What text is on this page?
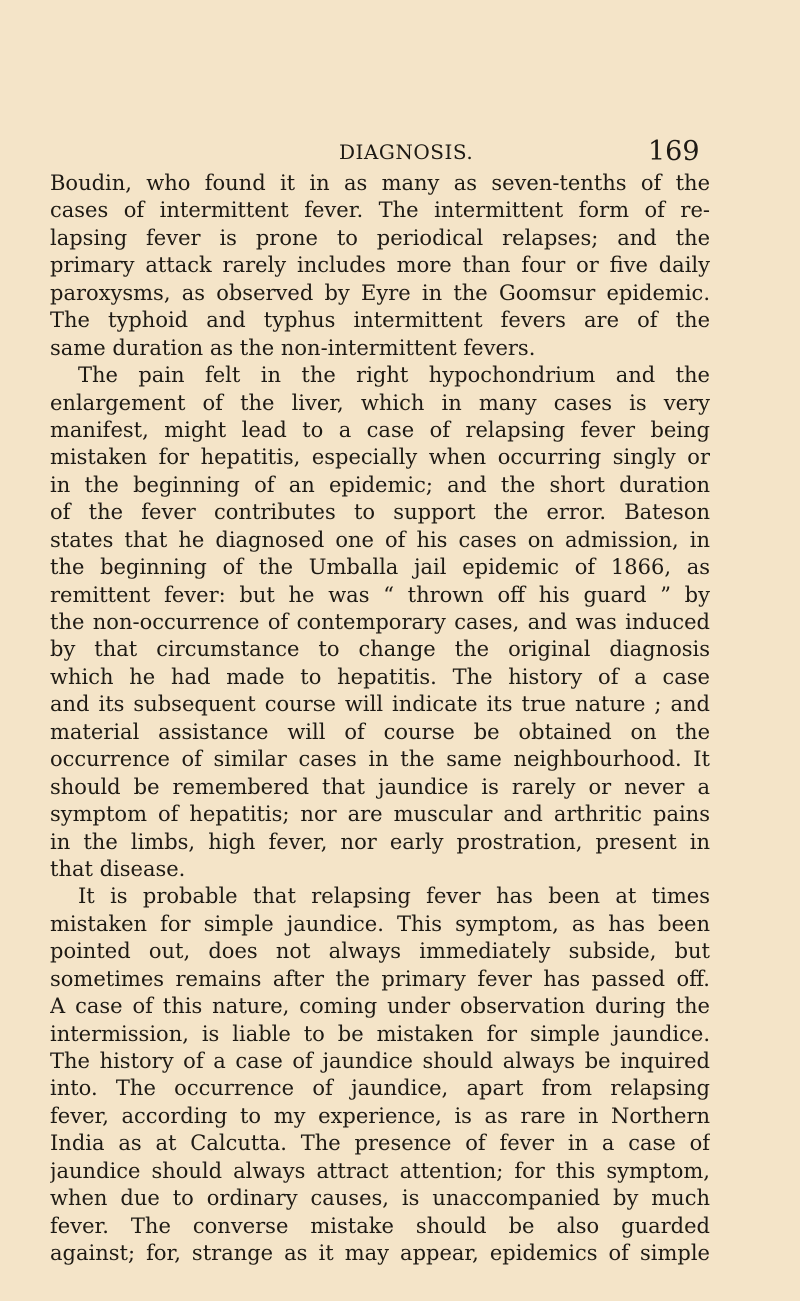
DIAGNOSIS.	169
Boudin, who found it in as many as seven-tenths of the
cases of intermittent fever. The intermittent form of re-
lapsing fever is prone to periodical relapses; and the
primary attack rarely includes more than four or five daily
paroxysms, as observed by Eyre in the Goomsur epidemic.
The typhoid and typhus intermittent fevers are of the
same duration as the non-intermittent fevers.
The pain felt in the right hypochondrium and the
enlargement of the liver, which in many cases is very
manifest, might lead to a case of relapsing fever being
mistaken for hepatitis, especially when occurring singly or
in the beginning of an epidemic; and the short duration
of the fever contributes to support the error. Bateson
states that he diagnosed one of his cases on admission, in
the beginning of the Umballa jail epidemic of 1866, as
remittent fever: but he was “ thrown off his guard ” by
the non-occurrence of contemporary cases, and was induced
by that circumstance to change the original diagnosis
which he had made to hepatitis. The history of a case
and its subsequent course will indicate its true nature ; and
material assistance will of course be obtained on the
occurrence of similar cases in the same neighbourhood. It
should be remembered that jaundice is rarely or never a
symptom of hepatitis; nor are muscular and arthritic pains
in the limbs, high fever, nor early prostration, present in
that disease.
It is probable that relapsing fever has been at times
mistaken for simple jaundice. This symptom, as has been
pointed out, does not always immediately subside, but
sometimes remains after the primary fever has passed off.
A case of this nature, coming under observation during the
intermission, is liable to be mistaken for simple jaundice.
The history of a case of jaundice should always be inquired
into. The occurrence of jaundice, apart from relapsing
fever, according to my experience, is as rare in Northern
India as at Calcutta. The presence of fever in a case of
jaundice should always attract attention; for this symptom,
when due to ordinary causes, is unaccompanied by much
fever. The converse mistake should be also guarded
against; for, strange as it may appear, epidemics of simple
